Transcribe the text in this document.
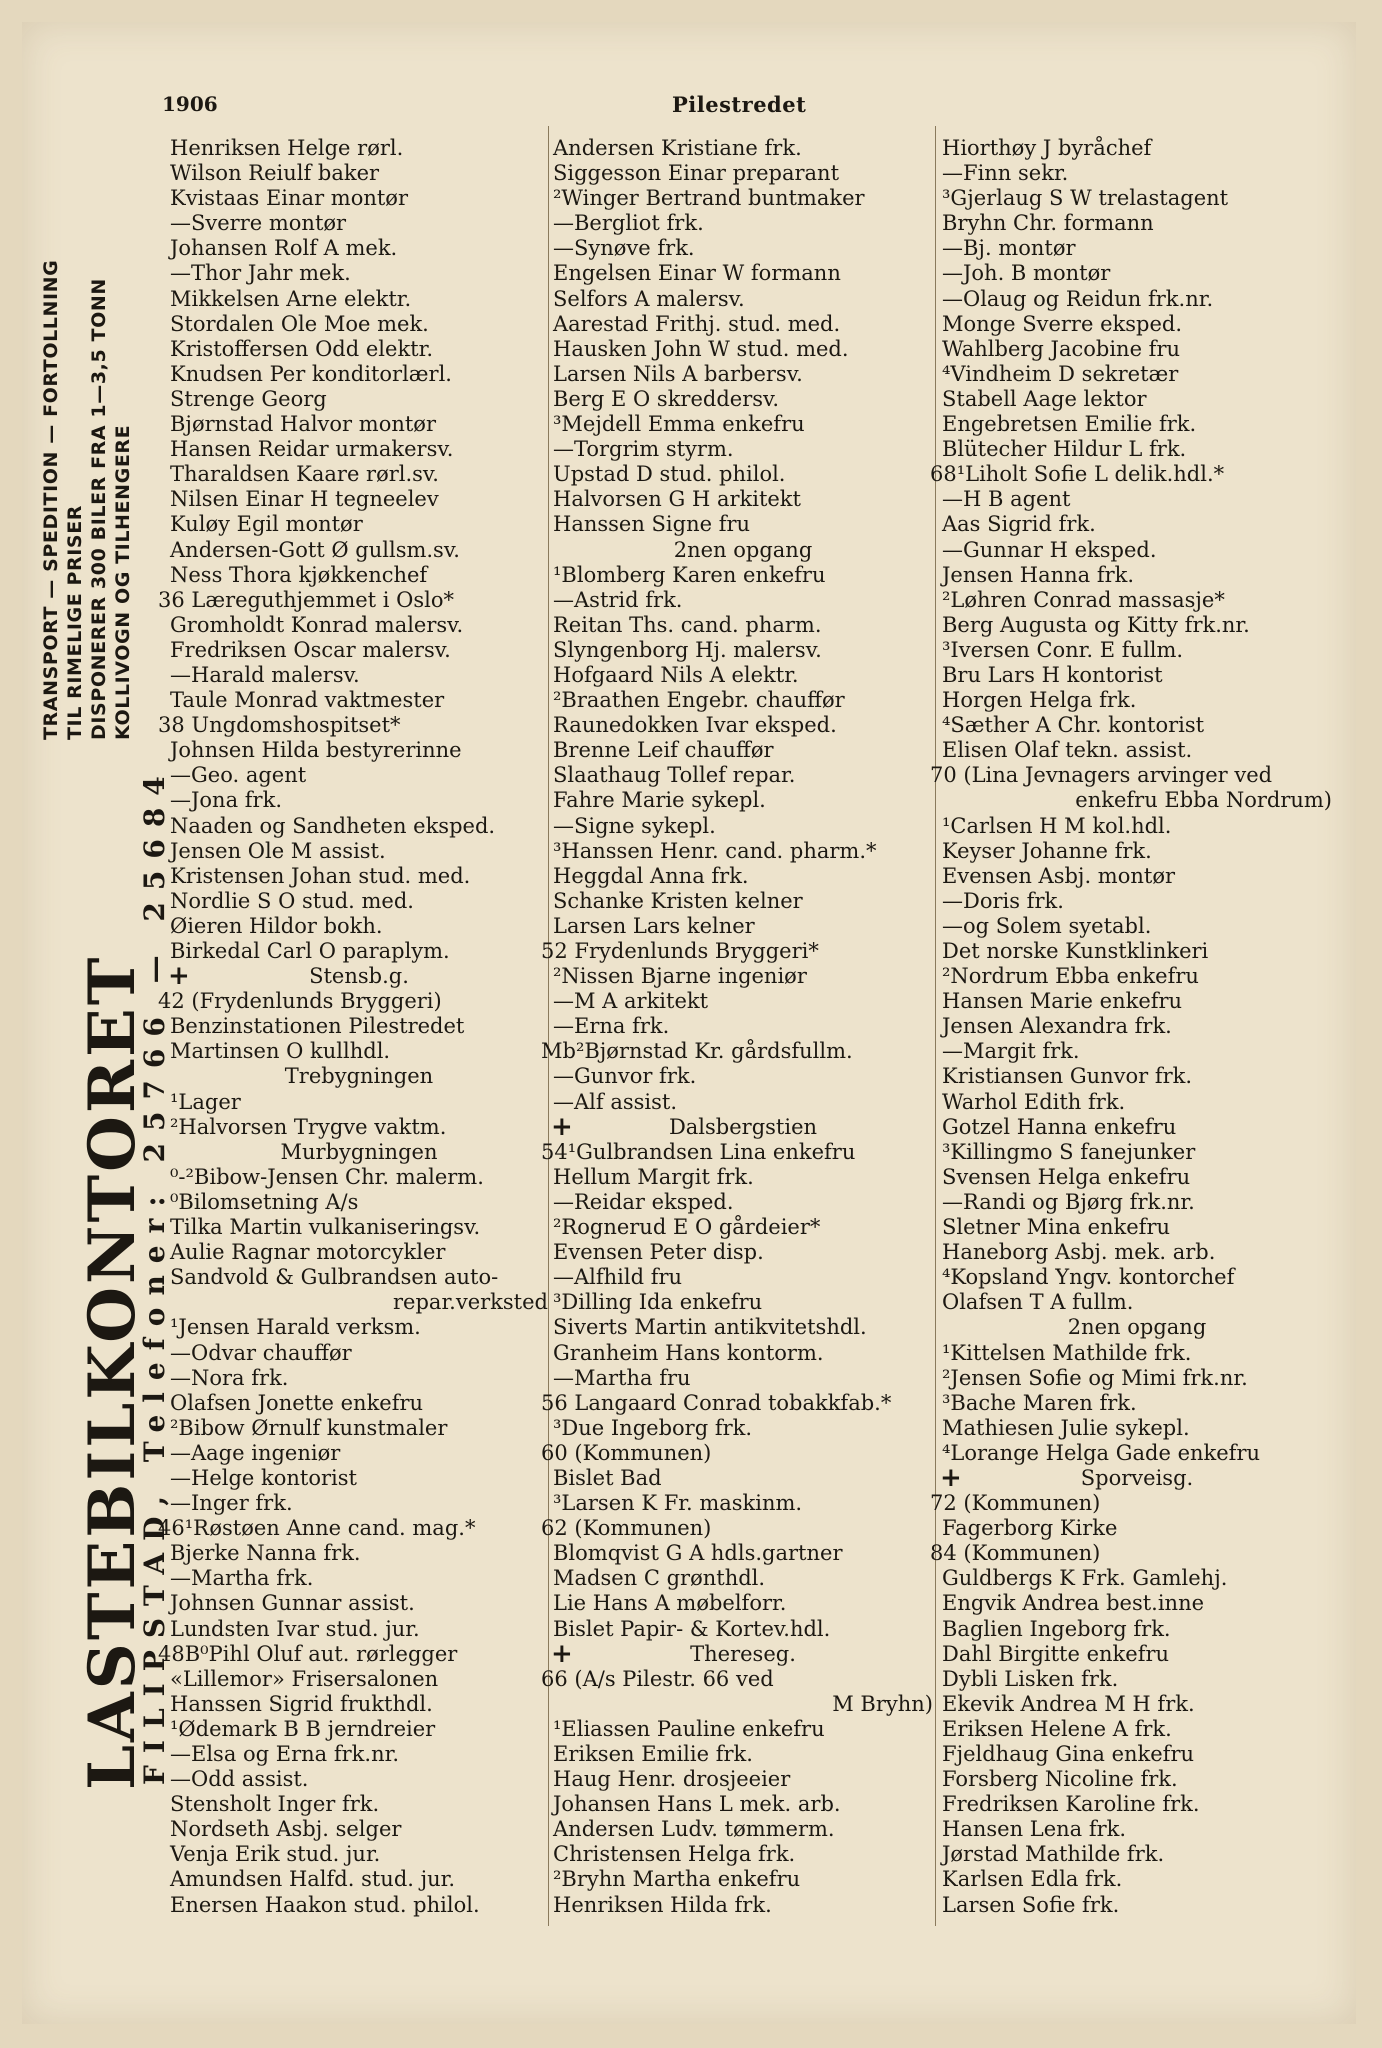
1906	Pilestredet
LASTEBILKONTORET
FILIPSTAD, Telefoner: 25766 — 25684
TRANSPORT — SPEDITION — FORTOLLNING TIL RIMELIGE PRISER DISPONERER 300 BILER FRA 1—3,5 TONN KOLLIVOGN OG TILHENGERE
Henriksen Helge rørl.
Wilson Reiulf baker
Kvistaas Einar montør
—Sverre montør
Johansen Rolf A mek.
—Thor Jahr mek.
Mikkelsen Arne elektr.
Stordalen Ole Moe mek.
Kristoffersen Odd elektr.
Knudsen Per konditorlærl.
Strenge Georg
Bjørnstad Halvor montør
Hansen Reidar urmakersv.
Tharaldsen Kaare rørl.sv.
Nilsen Einar H tegneelev
Kuløy Egil montør
Andersen-Gott Ø gullsm.sv.
Ness Thora kjøkkenchef
36 Læreguthjemmet i Oslo*
Gromholdt Konrad malersv.
Fredriksen Oscar malersv.
—Harald malersv.
Taule Monrad vaktmester
38 Ungdomshospitset*
Johnsen Hilda bestyrerinne
—Geo. agent
—Jona frk.
Naaden og Sandheten eksped.
Jensen Ole M assist.
Kristensen Johan stud. med.
Nordlie S O stud. med.
Øieren Hildor bokh.
Birkedal Carl O paraplym.
+ Stensb.g.
42 (Frydenlunds Bryggeri)
Benzinstationen Pilestredet
Martinsen O kullhdl.
Trebygningen
¹Lager
²Halvorsen Trygve vaktm.
Murbygningen
⁰‑²Bibow-Jensen Chr. malerm.
⁰Bilomsetning A/s
Tilka Martin vulkaniseringsv.
Aulie Ragnar motorcykler
Sandvold & Gulbrandsen auto-
repar.verksted
¹Jensen Harald verksm.
—Odvar chauffør
—Nora frk.
Olafsen Jonette enkefru
²Bibow Ørnulf kunstmaler
—Aage ingeniør
—Helge kontorist
—Inger frk.
46¹Røstøen Anne cand. mag.*
Bjerke Nanna frk.
—Martha frk.
Johnsen Gunnar assist.
Lundsten Ivar stud. jur.
48B⁰Pihl Oluf aut. rørlegger
«Lillemor» Frisersalonen
Hanssen Sigrid frukthdl.
¹Ødemark B B jerndreier
—Elsa og Erna frk.nr.
—Odd assist.
Stensholt Inger frk.
Nordseth Asbj. selger
Venja Erik stud. jur.
Amundsen Halfd. stud. jur.
Enersen Haakon stud. philol.
Andersen Kristiane frk.
Siggesson Einar preparant
²Winger Bertrand buntmaker
—Bergliot frk.
—Synøve frk.
Engelsen Einar W formann
Selfors A malersv.
Aarestad Frithj. stud. med.
Hausken John W stud. med.
Larsen Nils A barbersv.
Berg E O skreddersv.
³Mejdell Emma enkefru
—Torgrim styrm.
Upstad D stud. philol.
Halvorsen G H arkitekt
Hanssen Signe fru
2nen opgang
¹Blomberg Karen enkefru
—Astrid frk.
Reitan Ths. cand. pharm.
Slyngenborg Hj. malersv.
Hofgaard Nils A elektr.
²Braathen Engebr. chauffør
Raunedokken Ivar eksped.
Brenne Leif chauffør
Slaathaug Tollef repar.
Fahre Marie sykepl.
—Signe sykepl.
³Hanssen Henr. cand. pharm.*
Heggdal Anna frk.
Schanke Kristen kelner
Larsen Lars kelner
52 Frydenlunds Bryggeri*
²Nissen Bjarne ingeniør
—M A arkitekt
—Erna frk.
Mb²Bjørnstad Kr. gårdsfullm.
—Gunvor frk.
—Alf assist.
+ Dalsbergstien
54¹Gulbrandsen Lina enkefru
Hellum Margit frk.
—Reidar eksped.
²Rognerud E O gårdeier*
Evensen Peter disp.
—Alfhild fru
³Dilling Ida enkefru
Siverts Martin antikvitetshdl.
Granheim Hans kontorm.
—Martha fru
56 Langaard Conrad tobakkfab.*
³Due Ingeborg frk.
60 (Kommunen)
Bislet Bad
³Larsen K Fr. maskinm.
62 (Kommunen)
Blomqvist G A hdls.gartner
Madsen C grønthdl.
Lie Hans A møbelforr.
Bislet Papir- & Kortev.hdl.
+ Thereseg.
66 (A/s Pilestr. 66 ved
M Bryhn)
¹Eliassen Pauline enkefru
Eriksen Emilie frk.
Haug Henr. drosjeeier
Johansen Hans L mek. arb.
Andersen Ludv. tømmerm.
Christensen Helga frk.
²Bryhn Martha enkefru
Henriksen Hilda frk.
Hiorthøy J byråchef
—Finn sekr.
³Gjerlaug S W trelastagent
Bryhn Chr. formann
—Bj. montør
—Joh. B montør
—Olaug og Reidun frk.nr.
Monge Sverre eksped.
Wahlberg Jacobine fru
⁴Vindheim D sekretær
Stabell Aage lektor
Engebretsen Emilie frk.
Blütecher Hildur L frk.
68¹Liholt Sofie L delik.hdl.*
—H B agent
Aas Sigrid frk.
—Gunnar H eksped.
Jensen Hanna frk.
²Løhren Conrad massasje*
Berg Augusta og Kitty frk.nr.
³Iversen Conr. E fullm.
Bru Lars H kontorist
Horgen Helga frk.
⁴Sæther A Chr. kontorist
Elisen Olaf tekn. assist.
70 (Lina Jevnagers arvinger ved
enkefru Ebba Nordrum)
¹Carlsen H M kol.hdl.
Keyser Johanne frk.
Evensen Asbj. montør
—Doris frk.
—og Solem syetabl.
Det norske Kunstklinkeri
²Nordrum Ebba enkefru
Hansen Marie enkefru
Jensen Alexandra frk.
—Margit frk.
Kristiansen Gunvor frk.
Warhol Edith frk.
Gotzel Hanna enkefru
³Killingmo S fanejunker
Svensen Helga enkefru
—Randi og Bjørg frk.nr.
Sletner Mina enkefru
Haneborg Asbj. mek. arb.
⁴Kopsland Yngv. kontorchef
Olafsen T A fullm.
2nen opgang
¹Kittelsen Mathilde frk.
²Jensen Sofie og Mimi frk.nr.
³Bache Maren frk.
Mathiesen Julie sykepl.
⁴Lorange Helga Gade enkefru
+ Sporveisg.
72 (Kommunen)
Fagerborg Kirke
84 (Kommunen)
Guldbergs K Frk. Gamlehj.
Engvik Andrea best.inne
Baglien Ingeborg frk.
Dahl Birgitte enkefru
Dybli Lisken frk.
Ekevik Andrea M H frk.
Eriksen Helene A frk.
Fjeldhaug Gina enkefru
Forsberg Nicoline frk.
Fredriksen Karoline frk.
Hansen Lena frk.
Jørstad Mathilde frk.
Karlsen Edla frk.
Larsen Sofie frk.
